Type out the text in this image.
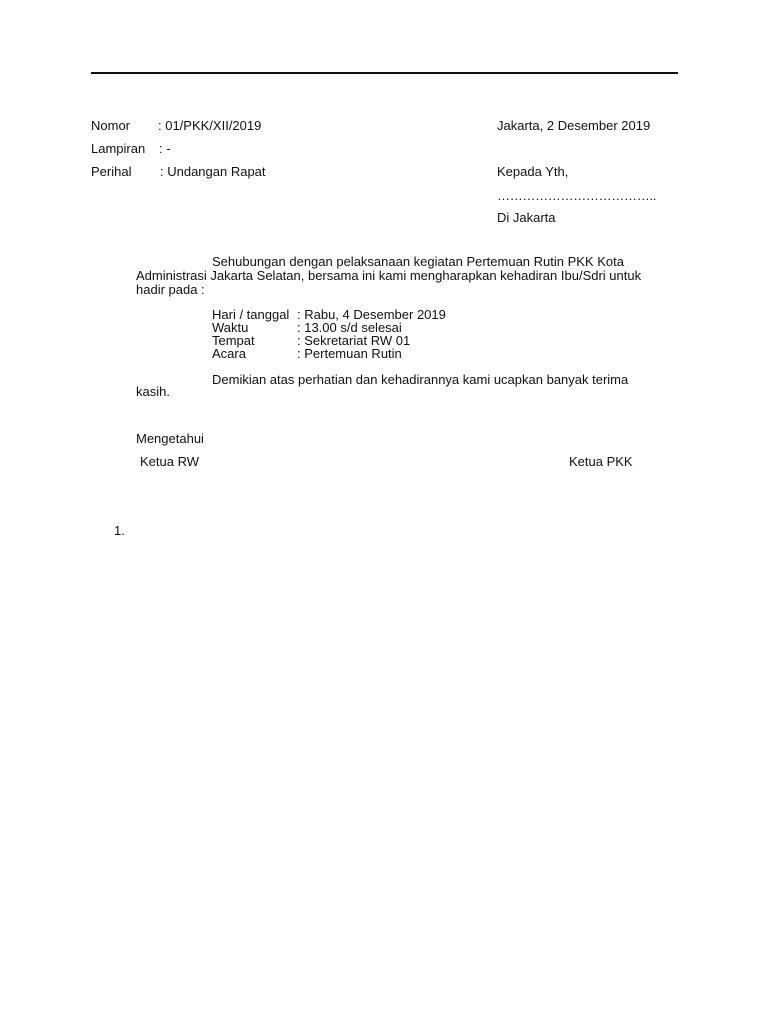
Nomor : 01/PKK/XII/2019
Lampiran : -
Perihal : Undangan Rapat
Jakarta, 2 Desember 2019
Kepada Yth,
………………………………..
Di Jakarta
Sehubungan dengan pelaksanaan kegiatan Pertemuan Rutin PKK Kota
Administrasi Jakarta Selatan, bersama ini kami mengharapkan kehadiran Ibu/Sdri untuk
hadir pada :
Hari / tanggal : Rabu, 4 Desember 2019
Waktu	: 13.00 s/d selesai
Tempat	: Sekretariat RW 01
Acara	: Pertemuan Rutin
Demikian atas perhatian dan kehadirannya kami ucapkan banyak terima
kasih.
Mengetahui
Ketua RW	Ketua PKK
1.
